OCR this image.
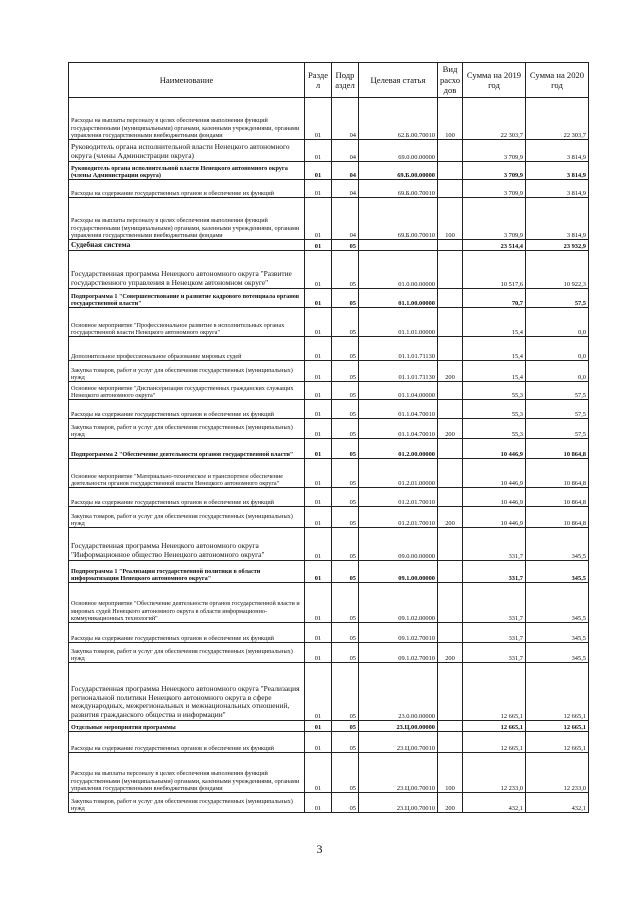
Наименование	Разде л	Подр аздел	Целевая статья	Вид расхо дов	Сумма на 2019 год	Сумма на 2020 год
Расходы на выплаты персоналу в целях обеспечения выполнения функций государственными (муниципальными) органами, казенными учреждениями, органами управления государственными внебюджетными фондами	01	04	62.Б.00.70010	100	22 303,7	22 303,7
Руководитель органа исполнительной власти Ненецкого автономного округа (члены Администрации округа)	01	04	69.0.00.00000		3 709,9	3 814,9
Руководитель органа исполнительной власти Ненецкого автономного округа (члены Администрации округа)	01	04	69.Б.00.00000		3 709,9	3 814,9
Расходы на содержание государственных органов и обеспечение их функций	01	04	69.Б.00.70010		3 709,9	3 814,9
Расходы на выплаты персоналу в целях обеспечения выполнения функций государственными (муниципальными) органами, казенными учреждениями, органами управления государственными внебюджетными фондами	01	04	69.Б.00.70010	100	3 709,9	3 814,9
Судебная система	01	05			23 514,4	23 932,9
Государственная программа Ненецкого автономного округа "Развитие государственного управления в Ненецком автономном округе"	01	05	01.0.00.00000		10 517,6	10 922,3
Подпрограмма 1 "Совершенствование и развитие кадрового потенциала органов государственной власти"	01	05	01.1.00.00000		70,7	57,5
Основное мероприятие "Профессиональное развитие в исполнительных органах государственной власти Ненецкого автономного округа"	01	05	01.1.01.00000		15,4	0,0
Дополнительное профессиональное образование мировых судей	01	05	01.1.01.71130		15,4	0,0
Закупка товаров, работ и услуг для обеспечения государственных (муниципальных) нужд	01	05	01.1.01.71130	200	15,4	0,0
Основное мероприятие "Диспансеризация государственных гражданских служащих Ненецкого автономного округа"	01	05	01.1.04.00000		55,3	57,5
Расходы на содержание государственных органов и обеспечение их функций	01	05	01.1.04.70010		55,3	57,5
Закупка товаров, работ и услуг для обеспечения государственных (муниципальных) нужд	01	05	01.1.04.70010	200	55,3	57,5
Подпрограмма 2 "Обеспечение деятельности органов государственной власти"	01	05	01.2.00.00000		10 446,9	10 864,8
Основное мероприятие "Материально-техническое и транспортное обеспечение деятельности органов государственной власти Ненецкого автономного округа"	01	05	01.2.01.00000		10 446,9	10 864,8
Расходы на содержание государственных органов и обеспечение их функций	01	05	01.2.01.70010		10 446,9	10 864,8
Закупка товаров, работ и услуг для обеспечения государственных (муниципальных) нужд	01	05	01.2.01.70010	200	10 446,9	10 864,8
Государственная программа Ненецкого автономного округа "Информационное общество Ненецкого автономного округа"	01	05	09.0.00.00000		331,7	345,5
Подпрограмма 1 "Реализация государственной политики в области информатизации Ненецкого автономного округа"	01	05	09.1.00.00000		331,7	345,5
Основное мероприятие "Обеспечение деятельности органов государственной власти и мировых судей Ненецкого автономного округа в области информационно-коммуникационных технологий"	01	05	09.1.02.00000		331,7	345,5
Расходы на содержание государственных органов и обеспечение их функций	01	05	09.1.02.70010		331,7	345,5
Закупка товаров, работ и услуг для обеспечения государственных (муниципальных) нужд	01	05	09.1.02.70010	200	331,7	345,5
Государственная программа Ненецкого автономного округа "Реализация региональной политики Ненецкого автономного округа в сфере международных, межрегиональных и межнациональных отношений, развития гражданского общества и информации"	01	05	23.0.00.00000		12 665,1	12 665,1
Отдельные мероприятия программы	01	05	23.Ц.00.00000		12 665,1	12 665,1
Расходы на содержание государственных органов и обеспечение их функций	01	05	23.Ц.00.70010		12 665,1	12 665,1
Расходы на выплаты персоналу в целях обеспечения выполнения функций государственными (муниципальными) органами, казенными учреждениями, органами управления государственными внебюджетными фондами	01	05	23.Ц.00.70010	100	12 233,0	12 233,0
Закупка товаров, работ и услуг для обеспечения государственных (муниципальных) нужд	01	05	23.Ц.00.70010	200	432,1	432,1
3
